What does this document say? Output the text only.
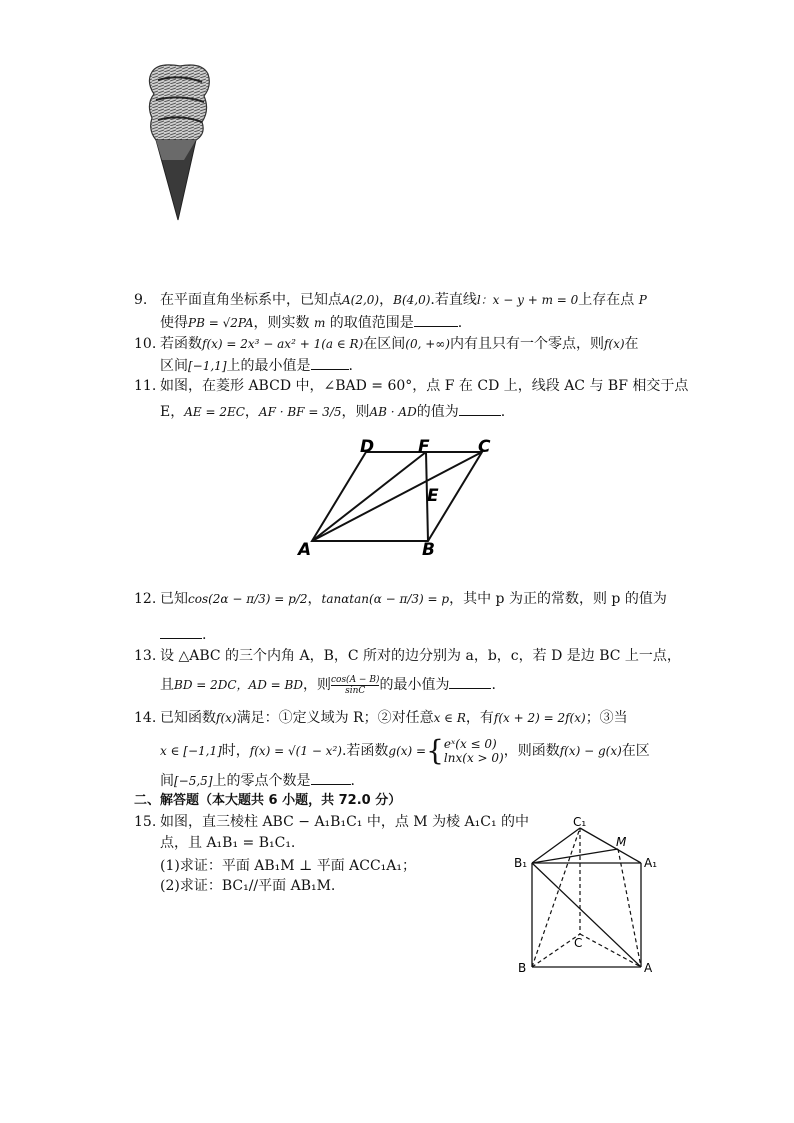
9. 在平面直角坐标系中，已知点A(2,0)，B(4,0).若直线l：x − y + m = 0上存在点 P
使得PB = √2PA，则实数 m 的取值范围是	.
10. 若函数f(x) = 2x³ − ax² + 1(a ∈ R)在区间(0, +∞)内有且只有一个零点，则f(x)在
区间[−1,1]上的最小值是	.
11. 如图，在菱形 ABCD 中，∠BAD = 60°，点 F 在 CD 上，线段 AC 与 BF 相交于点
E，AE = 2EC，AF · BF = 3/5，则AB · AD的值为	.
D	F	C
E
A	B
12. 已知cos(2α − π/3) = p/2，tanαtan(α − π/3) = p，其中 p 为正的常数，则 p 的值为
.
13. 设 △ABC 的三个内角 A，B，C 所对的边分别为 a，b，c，若 D 是边 BC 上一点，
且BD = 2DC，AD = BD，则 $\frac{\cos(A - B)}{\sin C}$ 的最小值为	.
14. 已知函数f(x)满足：①定义域为 R；②对任意x ∈ R，有f(x + 2) = 2f(x)；③当
x ∈ [−1,1]时，f(x) = √(1 − x²).若函数g(x) ={ eˣ(x ≤ 0)
lnx(x > 0) ，则函数f(x) − g(x)在区
间[−5,5]上的零点个数是	.
二、解答题（本大题共 6 小题，共 72.0 分）
15. 如图，直三棱柱 ABC − A₁B₁C₁ 中，点 M 为棱 A₁C₁ 的中
点，且 A₁B₁ = B₁C₁.
(1)求证：平面 AB₁M ⊥ 平面 ACC₁A₁；
(2)求证：BC₁//平面 AB₁M.
C₁
M
B₁	A₁
C
B	A
